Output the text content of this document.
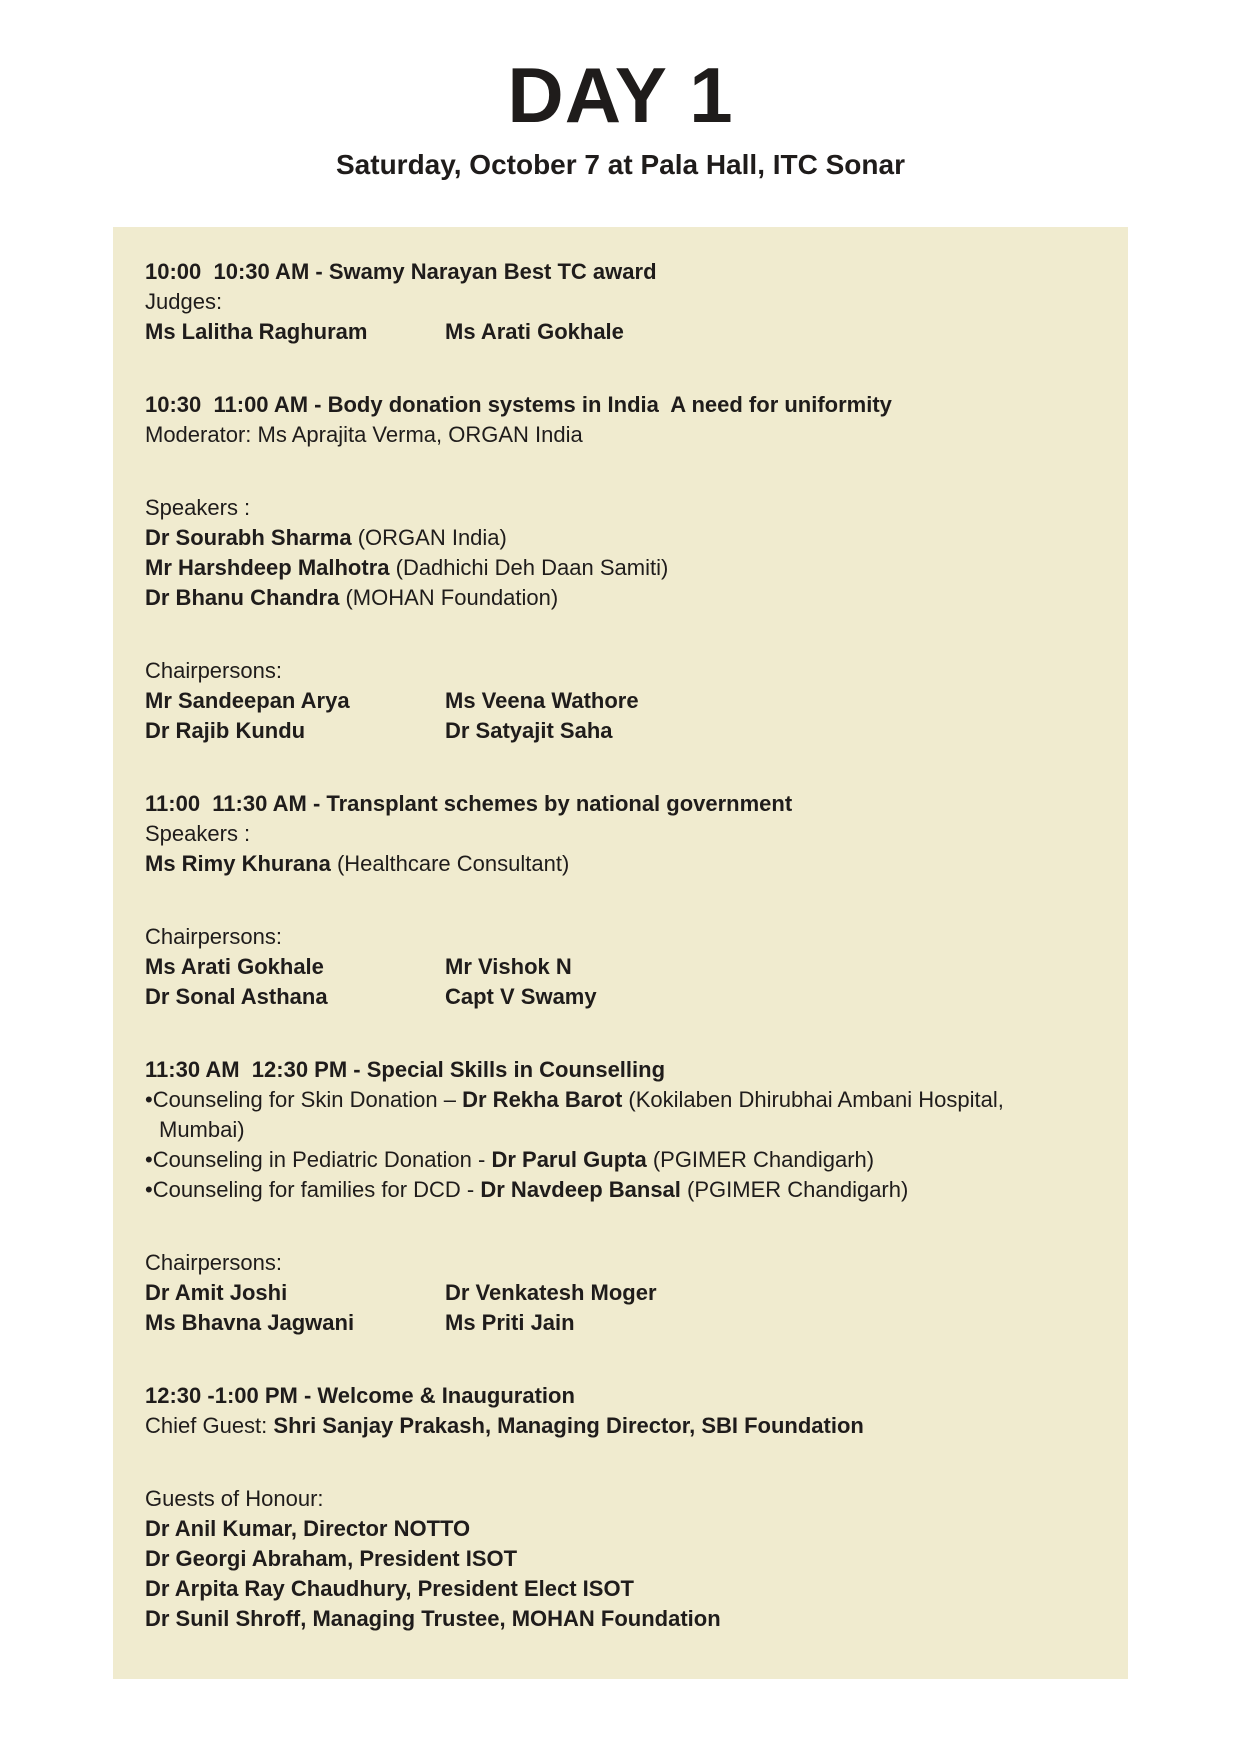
DAY 1
Saturday, October 7 at Pala Hall, ITC Sonar
10:00  10:30 AM - Swamy Narayan Best TC award
Judges:
Ms Lalitha Raghuram	Ms Arati Gokhale
10:30  11:00 AM - Body donation systems in India  A need for uniformity
Moderator: Ms Aprajita Verma, ORGAN India
Speakers :
Dr Sourabh Sharma (ORGAN India)
Mr Harshdeep Malhotra (Dadhichi Deh Daan Samiti)
Dr Bhanu Chandra (MOHAN Foundation)
Chairpersons:
Mr Sandeepan Arya	Ms Veena Wathore
Dr Rajib Kundu	Dr Satyajit Saha
11:00  11:30 AM - Transplant schemes by national government
Speakers :
Ms Rimy Khurana (Healthcare Consultant)
Chairpersons:
Ms Arati Gokhale	Mr Vishok N
Dr Sonal Asthana	Capt V Swamy
11:30 AM  12:30 PM - Special Skills in Counselling
•Counseling for Skin Donation – Dr Rekha Barot (Kokilaben Dhirubhai Ambani Hospital, Mumbai)
•Counseling in Pediatric Donation - Dr Parul Gupta (PGIMER Chandigarh)
•Counseling for families for DCD - Dr Navdeep Bansal (PGIMER Chandigarh)
Chairpersons:
Dr Amit Joshi	Dr Venkatesh Moger
Ms Bhavna Jagwani	Ms Priti Jain
12:30 -1:00 PM - Welcome & Inauguration
Chief Guest: Shri Sanjay Prakash, Managing Director, SBI Foundation
Guests of Honour:
Dr Anil Kumar, Director NOTTO
Dr Georgi Abraham, President ISOT
Dr Arpita Ray Chaudhury, President Elect ISOT
Dr Sunil Shroff, Managing Trustee, MOHAN Foundation
